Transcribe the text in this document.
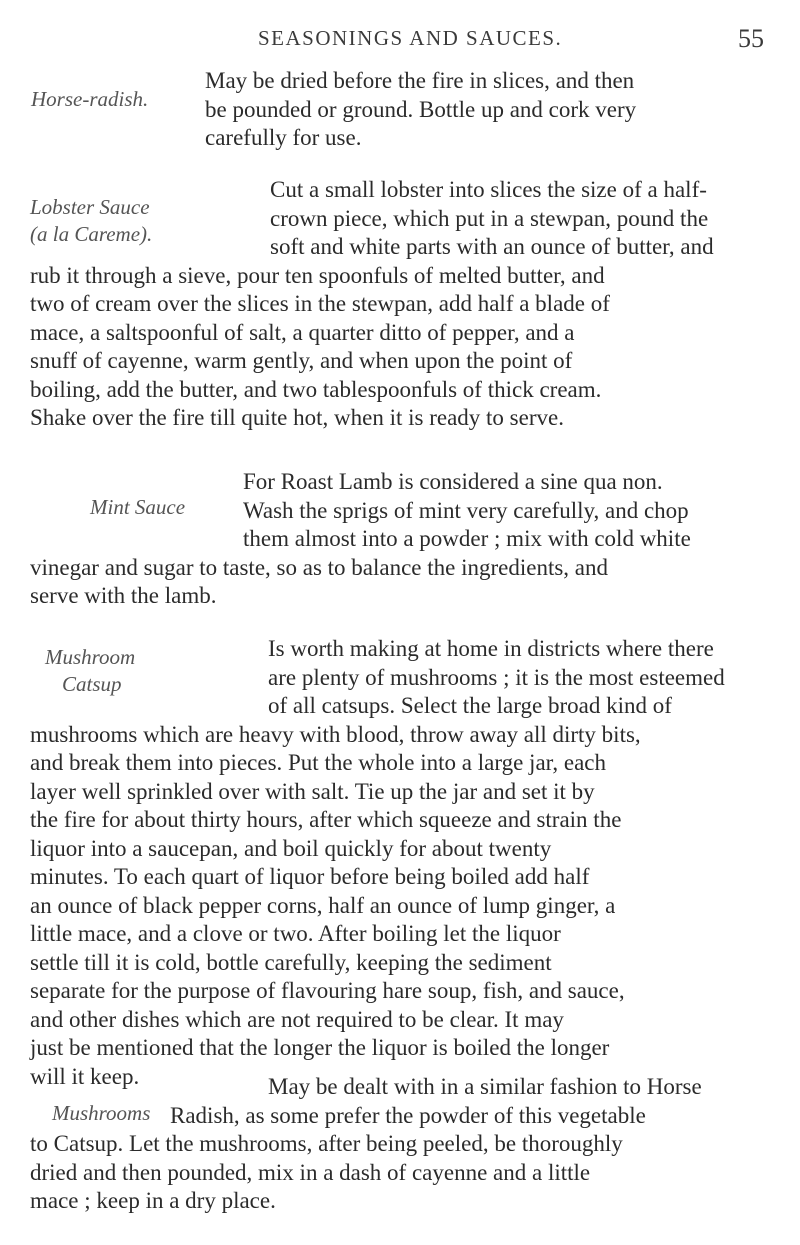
SEASONINGS AND SAUCES.	55
Horse-radish.
May be dried before the fire in slices, and then
be pounded or ground. Bottle up and cork very
carefully for use.
Lobster Sauce
(a la Careme).
Cut a small lobster into slices the size of a half-
crown piece, which put in a stewpan, pound the
soft and white parts with an ounce of butter, and
rub it through a sieve, pour ten spoonfuls of melted butter, and
two of cream over the slices in the stewpan, add half a blade of
mace, a saltspoonful of salt, a quarter ditto of pepper, and a
snuff of cayenne, warm gently, and when upon the point of
boiling, add the butter, and two tablespoonfuls of thick cream.
Shake over the fire till quite hot, when it is ready to serve.
Mint Sauce
For Roast Lamb is considered a sine qua non.
Wash the sprigs of mint very carefully, and chop
them almost into a powder ; mix with cold white
vinegar and sugar to taste, so as to balance the ingredients, and
serve with the lamb.
Mushroom
Catsup
Is worth making at home in districts where there
are plenty of mushrooms ; it is the most esteemed
of all catsups. Select the large broad kind of
mushrooms which are heavy with blood, throw away all dirty bits,
and break them into pieces. Put the whole into a large jar, each
layer well sprinkled over with salt. Tie up the jar and set it by
the fire for about thirty hours, after which squeeze and strain the
liquor into a saucepan, and boil quickly for about twenty
minutes. To each quart of liquor before being boiled add half
an ounce of black pepper corns, half an ounce of lump ginger, a
little mace, and a clove or two. After boiling let the liquor
settle till it is cold, bottle carefully, keeping the sediment
separate for the purpose of flavouring hare soup, fish, and sauce,
and other dishes which are not required to be clear. It may
just be mentioned that the longer the liquor is boiled the longer
will it keep.
Mushrooms
May be dealt with in a similar fashion to Horse
Radish, as some prefer the powder of this vegetable
to Catsup. Let the mushrooms, after being peeled, be thoroughly
dried and then pounded, mix in a dash of cayenne and a little
mace ; keep in a dry place.
